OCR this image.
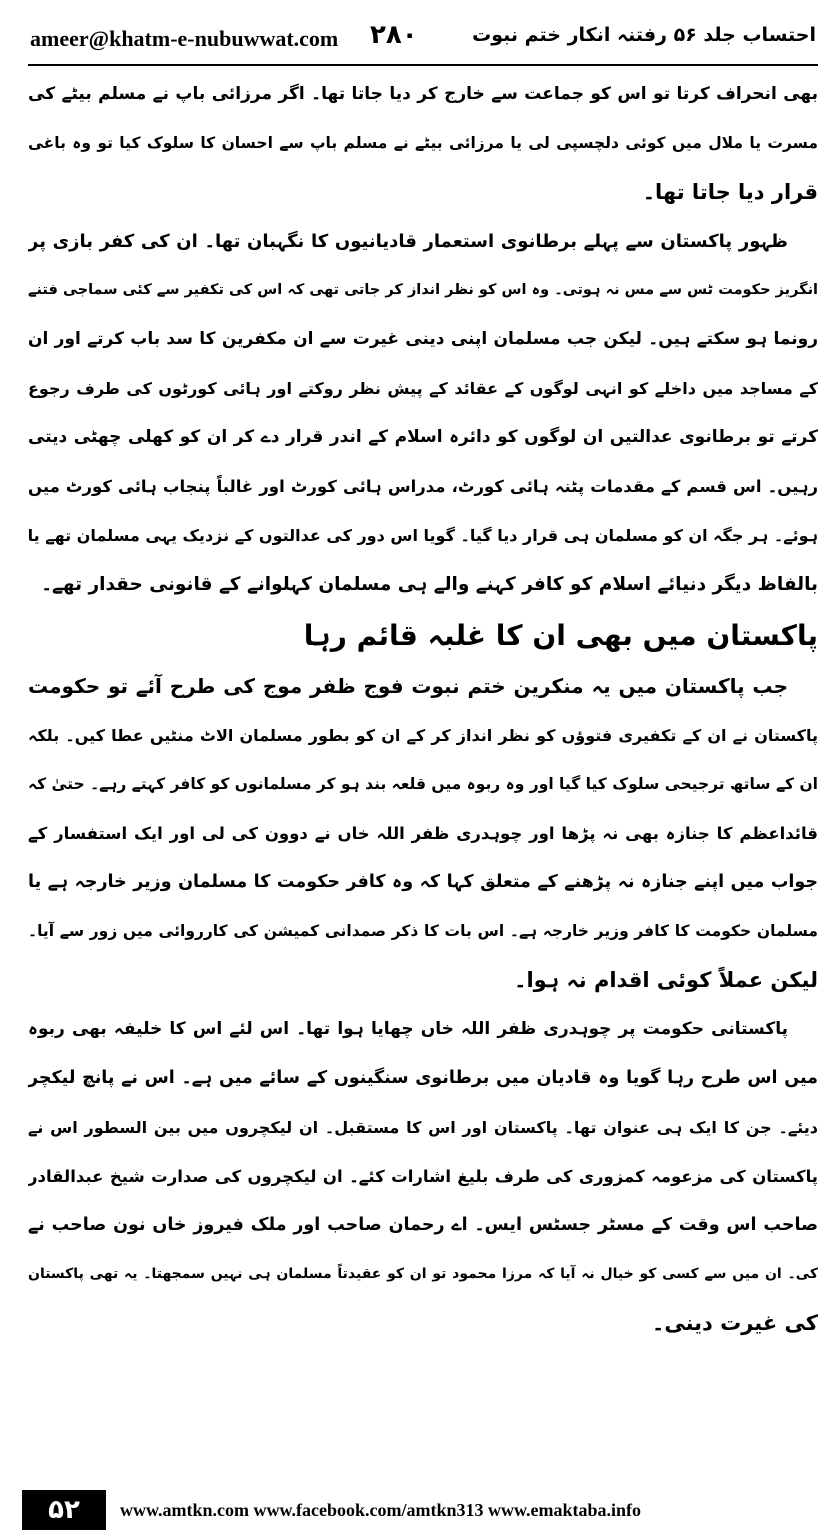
ameer@khatm-e-nubuwwat.com ۲۸۰	احتساب جلد ۵۶ رفتنہ انکار ختم نبوت
بھی انحراف کرتا تو اس کو جماعت سے خارج کر دیا جاتا تھا۔ اگر مرزائی باپ نے مسلم بیٹے کی
مسرت یا ملال میں کوئی دلچسپی لی یا مرزائی بیٹے نے مسلم باپ سے احسان کا سلوک کیا تو وہ باغی
قرار دیا جاتا تھا۔
ظہور پاکستان سے پہلے برطانوی استعمار قادیانیوں کا نگہبان تھا۔ ان کی کفر بازی پر
انگریز حکومت ٹس سے مس نہ ہوتی۔ وہ اس کو نظر انداز کر جاتی تھی کہ اس کی تکفیر سے کئی سماجی فتنے
رونما ہو سکتے ہیں۔ لیکن جب مسلمان اپنی دینی غیرت سے ان مکفرین کا سد باب کرتے اور ان
کے مساجد میں داخلے کو انہی لوگوں کے عقائد کے پیش نظر روکتے اور ہائی کورٹوں کی طرف رجوع
کرتے تو برطانوی عدالتیں ان لوگوں کو دائرہ اسلام کے اندر قرار دے کر ان کو کھلی چھٹی دیتی
رہیں۔ اس قسم کے مقدمات پٹنہ ہائی کورٹ، مدراس ہائی کورٹ اور غالباً پنجاب ہائی کورٹ میں
ہوئے۔ ہر جگہ ان کو مسلمان ہی قرار دیا گیا۔ گویا اس دور کی عدالتوں کے نزدیک یہی مسلمان تھے یا
بالفاظ دیگر دنیائے اسلام کو کافر کہنے والے ہی مسلمان کہلوانے کے قانونی حقدار تھے۔
پاکستان میں بھی ان کا غلبہ قائم رہا
جب پاکستان میں یہ منکرین ختم نبوت فوج ظفر موج کی طرح آئے تو حکومت
پاکستان نے ان کے تکفیری فتوؤں کو نظر انداز کر کے ان کو بطور مسلمان الاٹ منٹیں عطا کیں۔ بلکہ
ان کے ساتھ ترجیحی سلوک کیا گیا اور وہ ربوہ میں قلعہ بند ہو کر مسلمانوں کو کافر کہتے رہے۔ حتیٰ کہ
قائداعظم کا جنازہ بھی نہ پڑھا اور چوہدری ظفر اللہ خاں نے دوون کی لی اور ایک استفسار کے
جواب میں اپنے جنازہ نہ پڑھنے کے متعلق کہا کہ وہ کافر حکومت کا مسلمان وزیر خارجہ ہے یا
مسلمان حکومت کا کافر وزیر خارجہ ہے۔ اس بات کا ذکر صمدانی کمیشن کی کارروائی میں زور سے آیا۔
لیکن عملاً کوئی اقدام نہ ہوا۔
پاکستانی حکومت پر چوہدری ظفر اللہ خاں چھایا ہوا تھا۔ اس لئے اس کا خلیفہ بھی ربوہ
میں اس طرح رہا گویا وہ قادیان میں برطانوی سنگینوں کے سائے میں ہے۔ اس نے پانچ لیکچر
دیئے۔ جن کا ایک ہی عنوان تھا۔ پاکستان اور اس کا مستقبل۔ ان لیکچروں میں بین السطور اس نے
پاکستان کی مزعومہ کمزوری کی طرف بلیغ اشارات کئے۔ ان لیکچروں کی صدارت شیخ عبدالقادر
صاحب اس وقت کے مسٹر جسٹس ایس۔ اے رحمان صاحب اور ملک فیروز خاں نون صاحب نے
کی۔ ان میں سے کسی کو خیال نہ آیا کہ مرزا محمود تو ان کو عقیدتاً مسلمان ہی نہیں سمجھتا۔ یہ تھی پاکستان
کی غیرت دینی۔
۵۲	www.amtkn.com www.facebook.com/amtkn313 www.emaktaba.info
